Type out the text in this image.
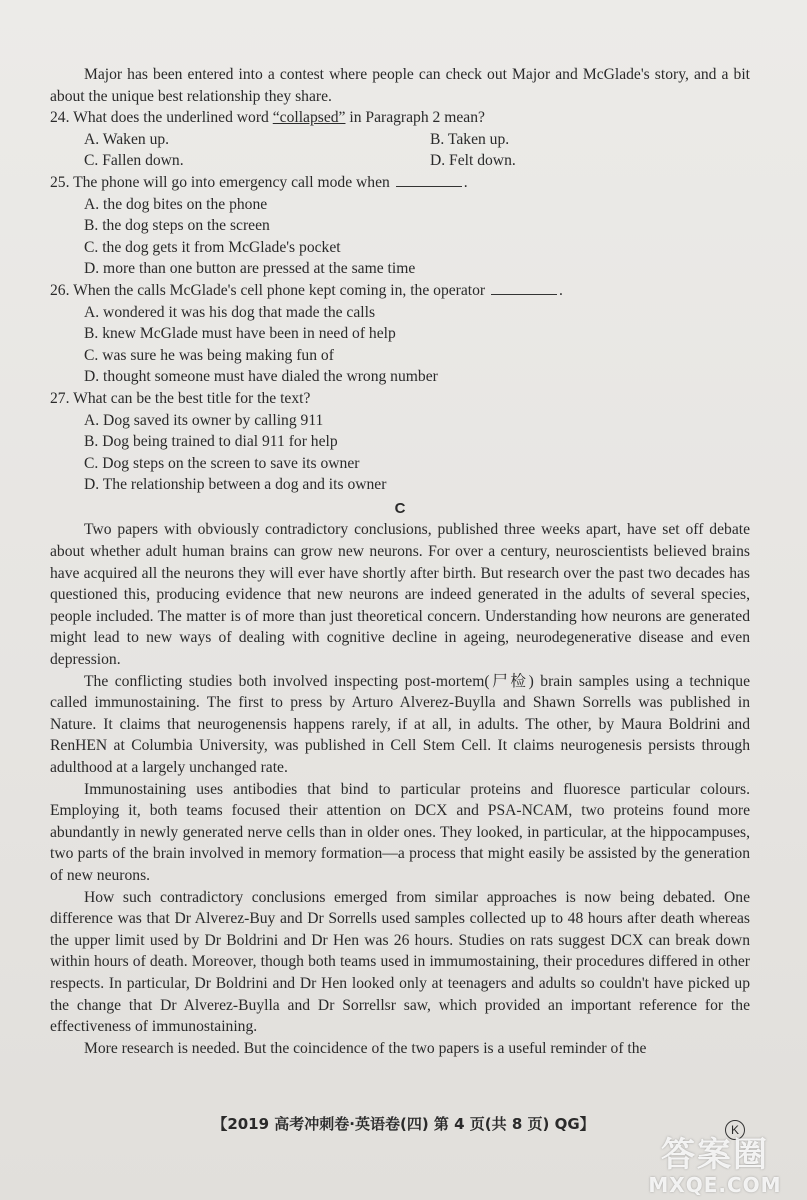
Major has been entered into a contest where people can check out Major and McGlade's story, and a bit about the unique best relationship they share.

24. What does the underlined word “collapsed” in Paragraph 2 mean?

A. Waken up.	B. Taken up.

C. Fallen down.	D. Felt down.

25. The phone will go into emergency call mode when	.

A. the dog bites on the phone

B. the dog steps on the screen

C. the dog gets it from McGlade's pocket

D. more than one button are pressed at the same time

26. When the calls McGlade's cell phone kept coming in, the operator	.

A. wondered it was his dog that made the calls

B. knew McGlade must have been in need of help

C. was sure he was being making fun of

D. thought someone must have dialed the wrong number

27. What can be the best title for the text?

A. Dog saved its owner by calling 911

B. Dog being trained to dial 911 for help

C. Dog steps on the screen to save its owner

D. The relationship between a dog and its owner

C

Two papers with obviously contradictory conclusions, published three weeks apart, have set off debate about whether adult human brains can grow new neurons. For over a century, neuroscientists believed brains have acquired all the neurons they will ever have shortly after birth. But research over the past two decades has questioned this, producing evidence that new neurons are indeed generated in the adults of several species, people included. The matter is of more than just theoretical concern. Understanding how neurons are generated might lead to new ways of dealing with cognitive decline in ageing, neurodegenerative disease and even depression.

The conflicting studies both involved inspecting post-mortem(尸检) brain samples using a technique called immunostaining. The first to press by Arturo Alverez-Buylla and Shawn Sorrells was published in Nature. It claims that neurogenensis happens rarely, if at all, in adults. The other, by Maura Boldrini and RenHEN at Columbia University, was published in Cell Stem Cell. It claims neurogenesis persists through adulthood at a largely unchanged rate.

Immunostaining uses antibodies that bind to particular proteins and fluoresce particular colours. Employing it, both teams focused their attention on DCX and PSA-NCAM, two proteins found more abundantly in newly generated nerve cells than in older ones. They looked, in particular, at the hippocampuses, two parts of the brain involved in memory formation—a process that might easily be assisted by the generation of new neurons.

How such contradictory conclusions emerged from similar approaches is now being debated. One difference was that Dr Alverez-Buy and Dr Sorrells used samples collected up to 48 hours after death whereas the upper limit used by Dr Boldrini and Dr Hen was 26 hours. Studies on rats suggest DCX can break down within hours of death. Moreover, though both teams used in immumostaining, their procedures differed in other respects. In particular, Dr Boldrini and Dr Hen looked only at teenagers and adults so couldn't have picked up the change that Dr Alverez-Buylla and Dr Sorrellsr saw, which provided an important reference for the effectiveness of immunostaining.

More research is needed. But the coincidence of the two papers is a useful reminder of the

【2019 高考冲刺卷·英语卷(四) 第 4 页(共 8 页) QG】	K
答案圈
MXQE.COM
